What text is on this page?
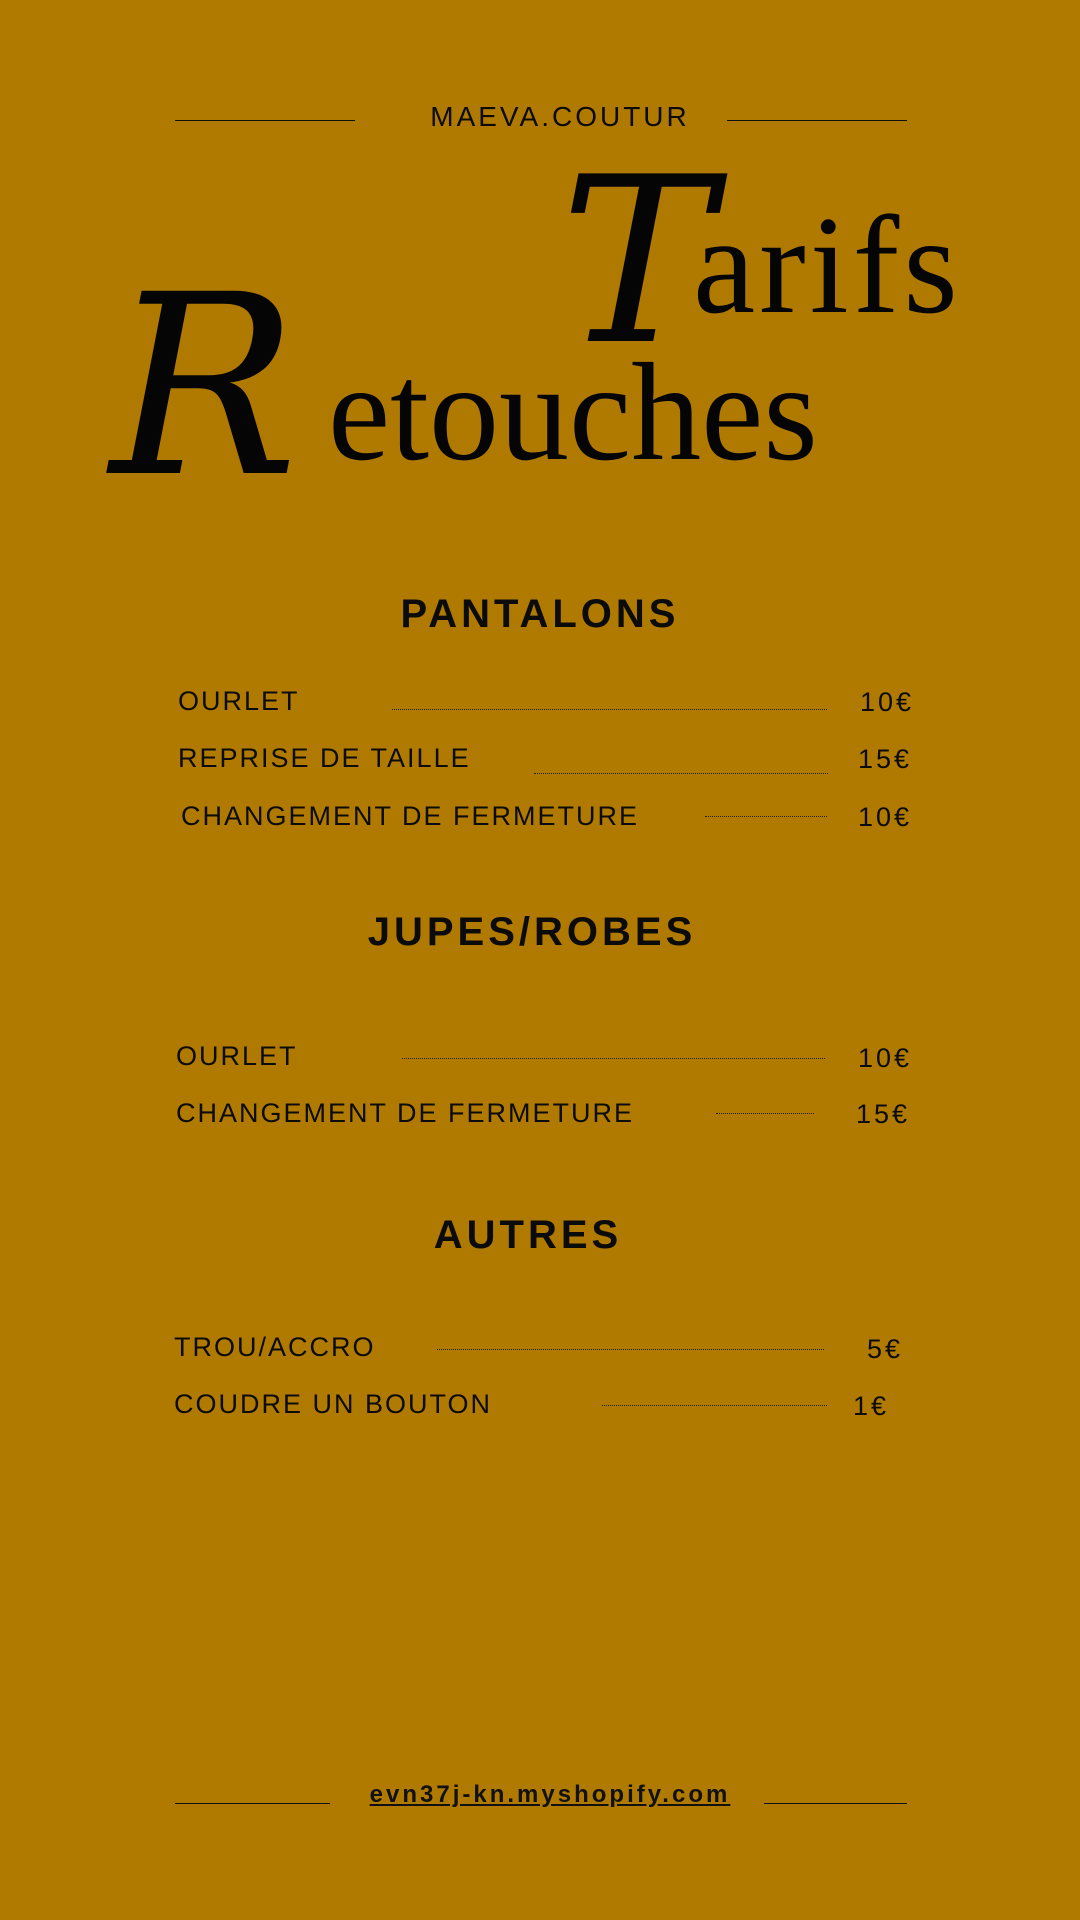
MAEVA.COUTUR
T
arifs
R etouches
PANTALONS
OURLET	10€
REPRISE DE TAILLE	15€
CHANGEMENT DE FERMETURE	10€
JUPES/ROBES
OURLET	10€
CHANGEMENT DE FERMETURE	15€
AUTRES
TROU/ACCRO	5€
COUDRE UN BOUTON	1€
evn37j-kn.myshopify.com
